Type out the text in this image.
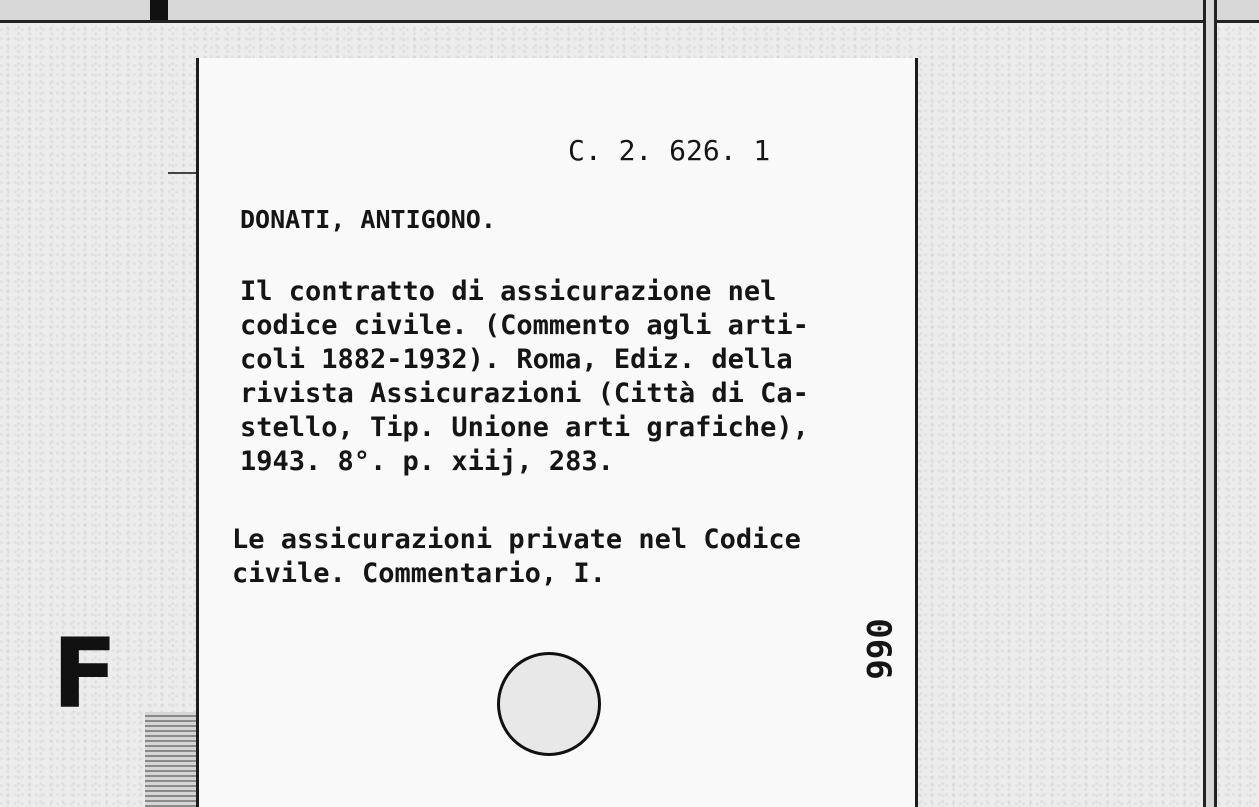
F
C. 2. 626. 1
DONATI, ANTIGONO.
Il contratto di assicurazione nel
codice civile. (Commento agli arti-
coli 1882-1932). Roma, Ediz. della
rivista Assicurazioni (Città di Ca-
stello, Tip. Unione arti grafiche),
1943. 8°. p. xiij, 283.
Le assicurazioni private nel Codice
civile. Commentario, I.
066
